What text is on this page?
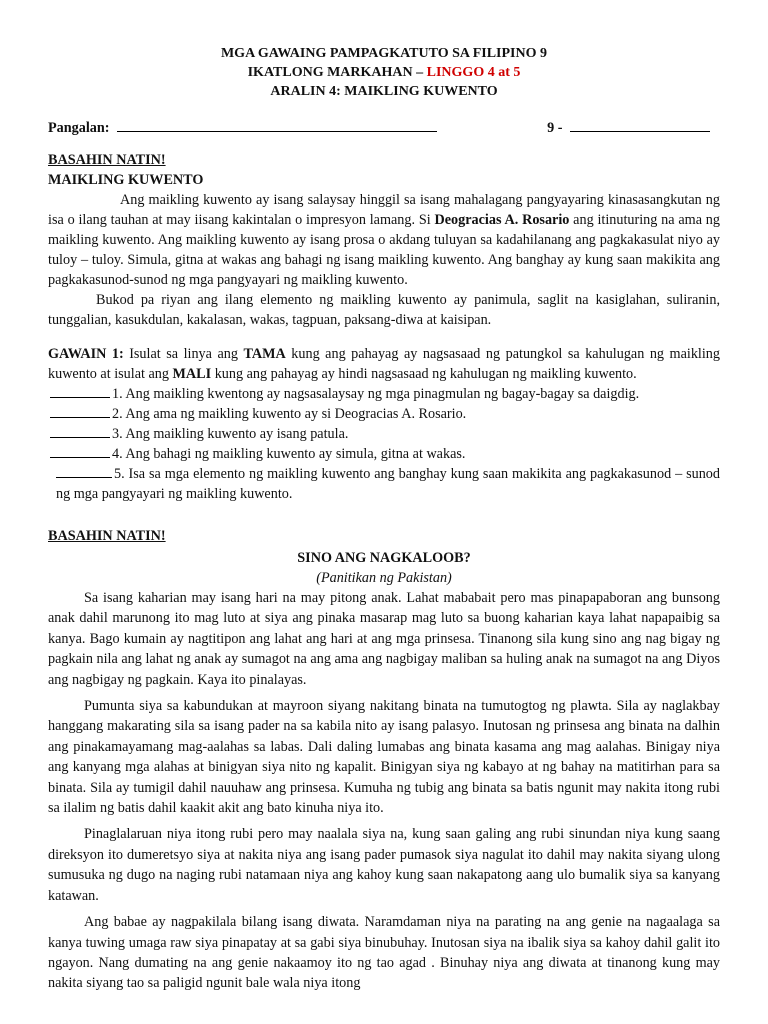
MGA GAWAING PAMPAGKATUTO SA FILIPINO 9
IKATLONG MARKAHAN – LINGGO 4 at 5
ARALIN 4: MAIKLING KUWENTO
Pangalan:	9 -
BASAHIN NATIN!
MAIKLING KUWENTO

Ang maikling kuwento ay isang salaysay hinggil sa isang mahalagang pangyayaring kinasasangkutan ng isa o ilang tauhan at may iisang kakintalan o impresyon lamang. Si Deogracias A. Rosario ang itinuturing na ama ng maikling kuwento. Ang maikling kuwento ay isang prosa o akdang tuluyan sa kadahilanang ang pagkakasulat niyo ay tuloy – tuloy. Simula, gitna at wakas ang bahagi ng isang maikling kuwento. Ang banghay ay kung saan makikita ang pagkakasunod-sunod ng mga pangyayari ng maikling kuwento.

Bukod pa riyan ang ilang elemento ng maikling kuwento ay panimula, saglit na kasiglahan, suliranin, tunggalian, kasukdulan, kakalasan, wakas, tagpuan, paksang-diwa at kaisipan.

GAWAIN 1: Isulat sa linya ang TAMA kung ang pahayag ay nagsasaad ng patungkol sa kahulugan ng maikling kuwento at isulat ang MALI kung ang pahayag ay hindi nagsasaad ng kahulugan ng maikling kuwento.

1. Ang maikling kwentong ay nagsasalaysay ng mga pinagmulan ng bagay-bagay sa daigdig.
2. Ang ama ng maikling kuwento ay si Deogracias A. Rosario.
3. Ang maikling kuwento ay isang patula.
4. Ang bahagi ng maikling kuwento ay simula, gitna at wakas.

5. Isa sa mga elemento ng maikling kuwento ang banghay kung saan makikita ang pagkakasunod – sunod ng mga pangyayari ng maikling kuwento.

BASAHIN NATIN!
SINO ANG NAGKALOOB?
(Panitikan ng Pakistan)

Sa isang kaharian may isang hari na may pitong anak. Lahat mababait pero mas pinapapaboran ang bunsong anak dahil marunong ito mag luto at siya ang pinaka masarap mag luto sa buong kaharian kaya lahat napapaibig sa kanya. Bago kumain ay nagtitipon ang lahat ang hari at ang mga prinsesa. Tinanong sila kung sino ang nag bigay ng pagkain nila ang lahat ng anak ay sumagot na ang ama ang nagbigay maliban sa huling anak na sumagot na ang Diyos ang nagbigay ng pagkain. Kaya ito pinalayas.

Pumunta siya sa kabundukan at mayroon siyang nakitang binata na tumutogtog ng plawta. Sila ay naglakbay hanggang makarating sila sa isang pader na sa kabila nito ay isang palasyo. Inutosan ng prinsesa ang binata na dalhin ang pinakamayamang mag-aalahas sa labas. Dali daling lumabas ang binata kasama ang mag aalahas. Binigay niya ang kanyang mga alahas at binigyan siya nito ng kapalit. Binigyan siya ng kabayo at ng bahay na matitirhan para sa binata. Sila ay tumigil dahil nauuhaw ang prinsesa. Kumuha ng tubig ang binata sa batis ngunit may nakita itong rubi sa ilalim ng batis dahil kaakit akit ang bato kinuha niya ito.

Pinaglalaruan niya itong rubi pero may naalala siya na, kung saan galing ang rubi sinundan niya kung saang direksyon ito dumeretsyo siya at nakita niya ang isang pader pumasok siya nagulat ito dahil may nakita siyang ulong sumusuka ng dugo na naging rubi natamaan niya ang kahoy kung saan nakapatong aang ulo bumalik siya sa kanyang katawan.

Ang babae ay nagpakilala bilang isang diwata. Naramdaman niya na parating na ang genie na nagaalaga sa kanya tuwing umaga raw siya pinapatay at sa gabi siya binubuhay. Inutosan siya na ibalik siya sa kahoy dahil galit ito ngayon. Nang dumating na ang genie nakaamoy ito ng tao agad . Binuhay niya ang diwata at tinanong kung may nakita siyang tao sa paligid ngunit bale wala niya itong
